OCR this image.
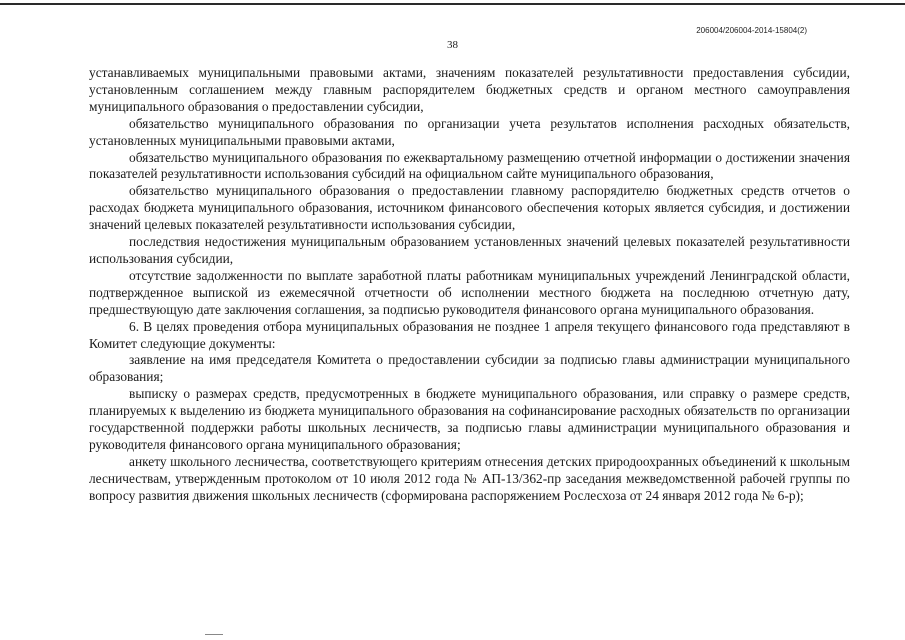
206004/206004-2014-15804(2)
38

устанавливаемых муниципальными правовыми актами, значениям показателей результативности предоставления субсидии, установленным соглашением между главным распорядителем бюджетных средств и органом местного самоуправления муниципального образования о предоставлении субсидии,

обязательство муниципального образования по организации учета результатов исполнения расходных обязательств, установленных муниципальными правовыми актами,

обязательство муниципального образования по ежеквартальному размещению отчетной информации о достижении значения показателей результативности использования субсидий на официальном сайте муниципального образования,

обязательство муниципального образования о предоставлении главному распорядителю бюджетных средств отчетов о расходах бюджета муниципального образования, источником финансового обеспечения которых является субсидия, и достижении значений целевых показателей результативности использования субсидии,

последствия недостижения муниципальным образованием установленных значений целевых показателей результативности использования субсидии,

отсутствие задолженности по выплате заработной платы работникам муниципальных учреждений Ленинградской области, подтвержденное выпиской из ежемесячной отчетности об исполнении местного бюджета на последнюю отчетную дату, предшествующую дате заключения соглашения, за подписью руководителя финансового органа муниципального образования.

6. В целях проведения отбора муниципальных образования не позднее 1 апреля текущего финансового года представляют в Комитет следующие документы:

заявление на имя председателя Комитета о предоставлении субсидии за подписью главы администрации муниципального образования;

выписку о размерах средств, предусмотренных в бюджете муниципального образования, или справку о размере средств, планируемых к выделению из бюджета муниципального образования на софинансирование расходных обязательств по организации государственной поддержки работы школьных лесничеств, за подписью главы администрации муниципального образования и руководителя финансового органа муниципального образования;

анкету школьного лесничества, соответствующего критериям отнесения детских природоохранных объединений к школьным лесничествам, утвержденным протоколом от 10 июля 2012 года № АП-13/362-пр заседания межведомственной рабочей группы по вопросу развития движения школьных лесничеств (сформирована распоряжением Рослесхоза от 24 января 2012 года № 6-р);
